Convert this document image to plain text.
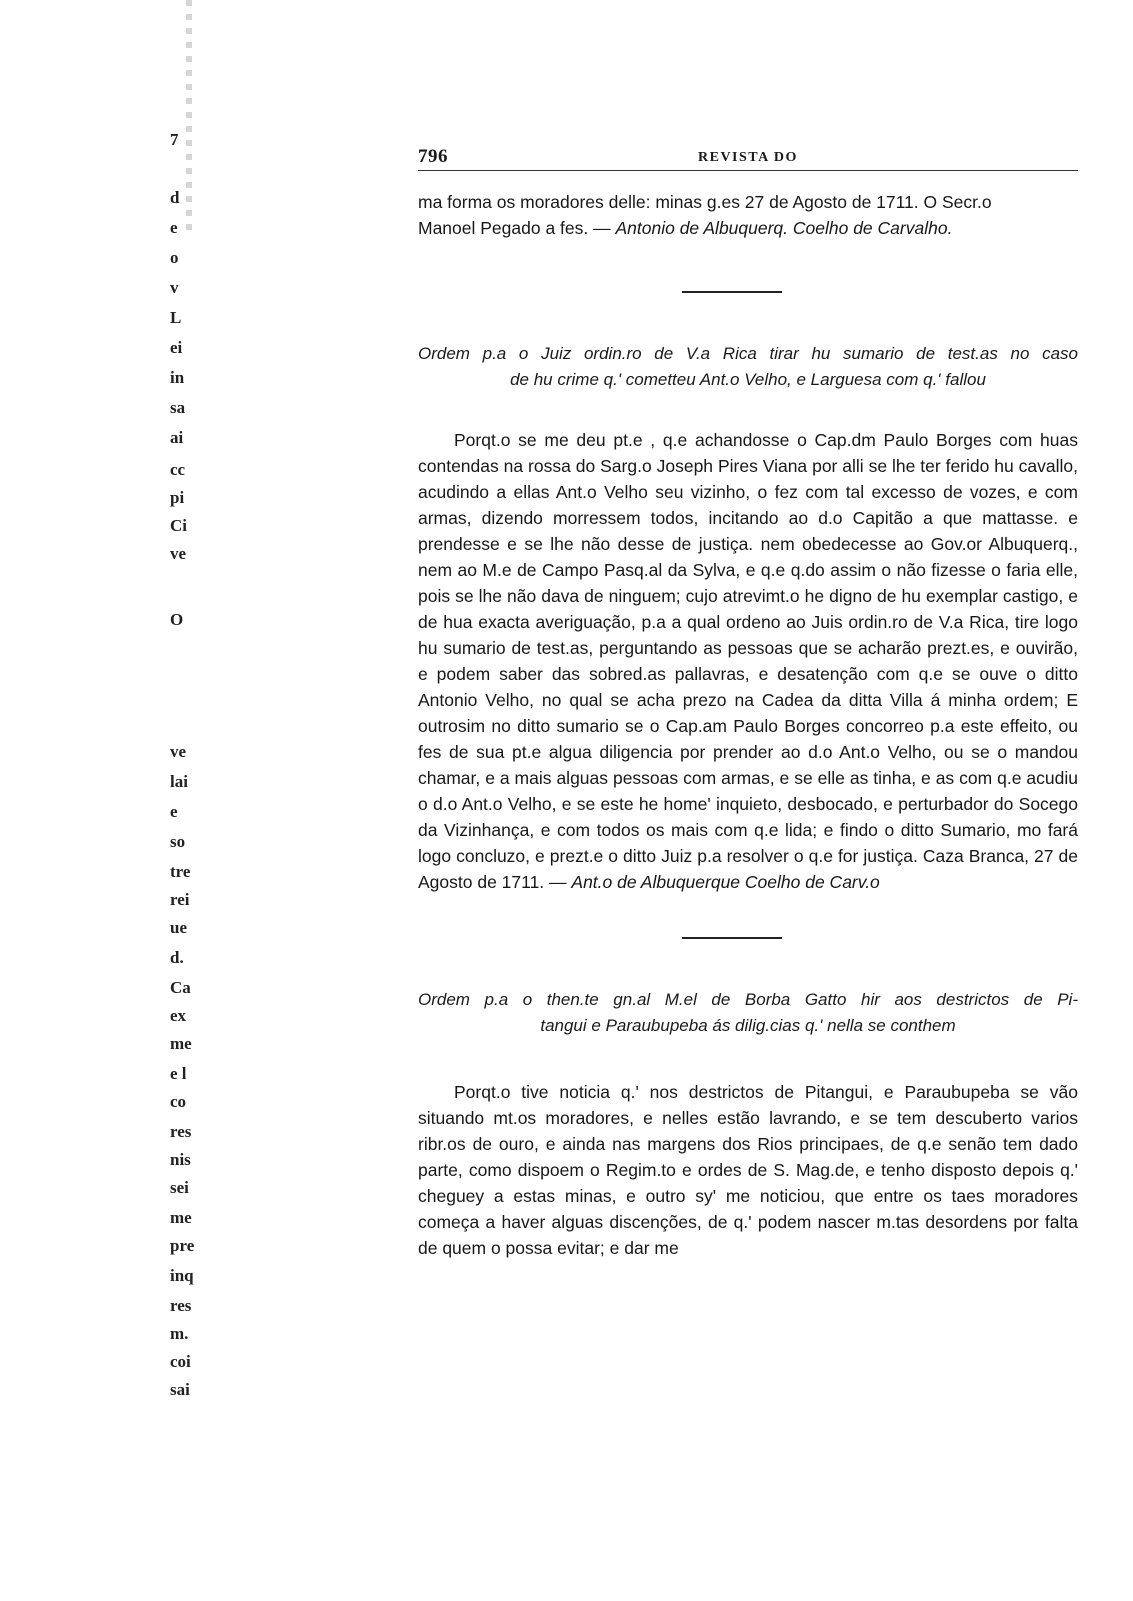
7
d
e
o
v
L
ei
in
sa
ai
cc
pi
Ci
ve
O
ve
lai
e
so
tre
rei
ue
d.
Ca
ex
me
e l
co
res
nis
sei
me
pre
inq
res
m.
coi
sai
796	REVISTA DO

ma forma os moradores delle: minas g.es 27 de Agosto de 1711. O Secr.o

Manoel Pegado a fes. — Antonio de Albuquerq. Coelho de Carvalho.

Ordem p.a o Juiz ordin.ro de V.a Rica tirar hu sumario de test.as no caso
de hu crime q.' cometteu Ant.o Velho, e Larguesa com q.' fallou

Porqt.o se me deu pt.e , q.e achandosse o Cap.dm Paulo Borges com huas contendas na rossa do Sarg.o Joseph Pires Viana por alli se lhe ter ferido hu cavallo, acudindo a ellas Ant.o Velho seu vizinho, o fez com tal excesso de vozes, e com armas, dizendo morressem todos, incitando ao d.o Capitão a que mattasse. e prendesse e se lhe não desse de justiça. nem obedecesse ao Gov.or Albuquerq., nem ao M.e de Campo Pasq.al da Sylva, e q.e q.do assim o não fizesse o faria elle, pois se lhe não dava de ninguem; cujo atrevimt.o he digno de hu exemplar castigo, e de hua exacta averiguação, p.a a qual ordeno ao Juis ordin.ro de V.a Rica, tire logo hu sumario de test.as, perguntando as pessoas que se acharão prezt.es, e ouvirão, e podem saber das sobred.as pallavras, e desatenção com q.e se ouve o ditto Antonio Velho, no qual se acha prezo na Cadea da ditta Villa á minha ordem; E outrosim no ditto sumario se o Cap.am Paulo Borges concorreo p.a este effeito, ou fes de sua pt.e algua diligencia por prender ao d.o Ant.o Velho, ou se o mandou chamar, e a mais alguas pessoas com armas, e se elle as tinha, e as com q.e acudiu o d.o Ant.o Velho, e se este he home' inquieto, desbocado, e perturbador do Socego da Vizinhança, e com todos os mais com q.e lida; e findo o ditto Sumario, mo fará logo concluzo, e prezt.e o ditto Juiz p.a resolver o q.e for justiça. Caza Branca, 27 de Agosto de 1711. — Ant.o de Albuquerque Coelho de Carv.o

Ordem p.a o then.te gn.al M.el de Borba Gatto hir aos destrictos de Pi-
tangui e Paraubupeba ás dilig.cias q.' nella se conthem

Porqt.o tive noticia q.' nos destrictos de Pitangui, e Paraubupeba se vão situando mt.os moradores, e nelles estão lavrando, e se tem descuberto varios ribr.os de ouro, e ainda nas margens dos Rios principaes, de q.e senão tem dado parte, como dispoem o Regim.to e ordes de S. Mag.de, e tenho disposto depois q.' cheguey a estas minas, e outro sy' me noticiou, que entre os taes moradores começa a haver alguas discenções, de q.' podem nascer m.tas desordens por falta de quem o possa evitar; e dar me
